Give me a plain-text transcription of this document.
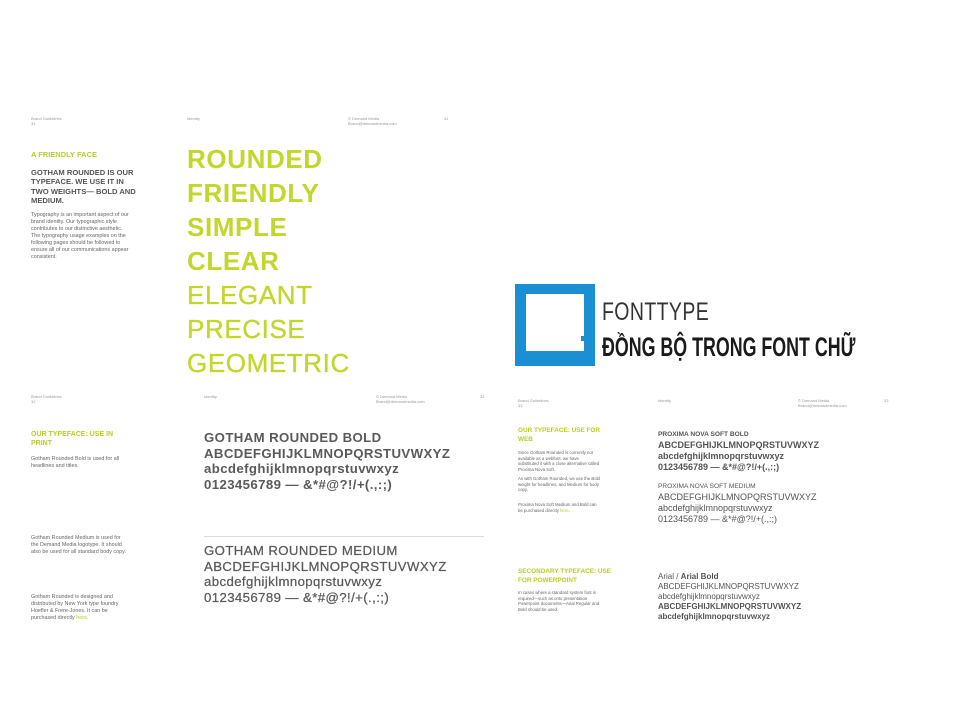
Brand Guidelines
31
Identity	© Demand Media
Brand@demandmedia.com
31
A FRIENDLY FACE
GOTHAM ROUNDED IS OUR TYPEFACE. WE USE IT IN TWO WEIGHTS— BOLD AND MEDIUM.
Typography is an important aspect of our brand identity. Our typographic style contributes to our distinctive aesthetic. The typography usage examples on the following pages should be followed to ensure all of our communications appear consistent.
ROUNDED
FRIENDLY
SIMPLE
CLEAR
ELEGANT
PRECISE
GEOMETRIC
FONTTYPE
ĐỒNG BỘ TRONG FONT CHỮ
Brand Guidelines
32
Identity	© Demand Media
Brand@demandmedia.com
32
OUR TYPEFACE: USE IN PRINT
Gotham Rounded Bold is used for all headlines and titles.
Gotham Rounded Medium is used for the Demand Media logotype. It should also be used for all standard body copy.
Gotham Rounded is designed and distributed by New York type foundry Hoefler & Frere-Jones. It can be purchased directly here.
GOTHAM ROUNDED BOLD
ABCDEFGHIJKLMNOPQRSTUVWXYZ
abcdefghijklmnopqrstuvwxyz
0123456789 — &*#@?!/+(.,:;)
GOTHAM ROUNDED MEDIUM
ABCDEFGHIJKLMNOPQRSTUVWXYZ
abcdefghijklmnopqrstuvwxyz
0123456789 — &*#@?!/+(.,:;)
Brand Guidelines
33
Identity	© Demand Media
Brand@demandmedia.com
33
OUR TYPEFACE: USE FOR WEB
Since Gotham Rounded is currently not available as a webfont, we have substituted it with a close alternative called Proxima Nova Soft.
As with Gotham Rounded, we use the Bold weight for headlines, and Medium for body copy.
Proxima Nova Soft Medium and Bold can be purchased directly here.
SECONDARY TYPEFACE: USE FOR POWERPOINT
In cases where a standard system font is required—such as onto presentation Powerpoint documents—Arial Regular and Bold should be used.
PROXIMA NOVA SOFT BOLD
ABCDEFGHIJKLMNOPQRSTUVWXYZ
abcdefghijklmnopqrstuvwxyz
0123456789 — &*#@?!/+(.,:;)
PROXIMA NOVA SOFT MEDIUM
ABCDEFGHIJKLMNOPQRSTUVWXYZ
abcdefghijklmnopqrstuvwxyz
0123456789 — &*#@?!/+(.,:;)
Arial / Arial Bold
ABCDEFGHIJKLMNOPQRSTUVWXYZ
abcdefghijklmnopqrstuvwxyz
ABCDEFGHIJKLMNOPQRSTUVWXYZ
abcdefghijklmnopqrstuvwxyz
